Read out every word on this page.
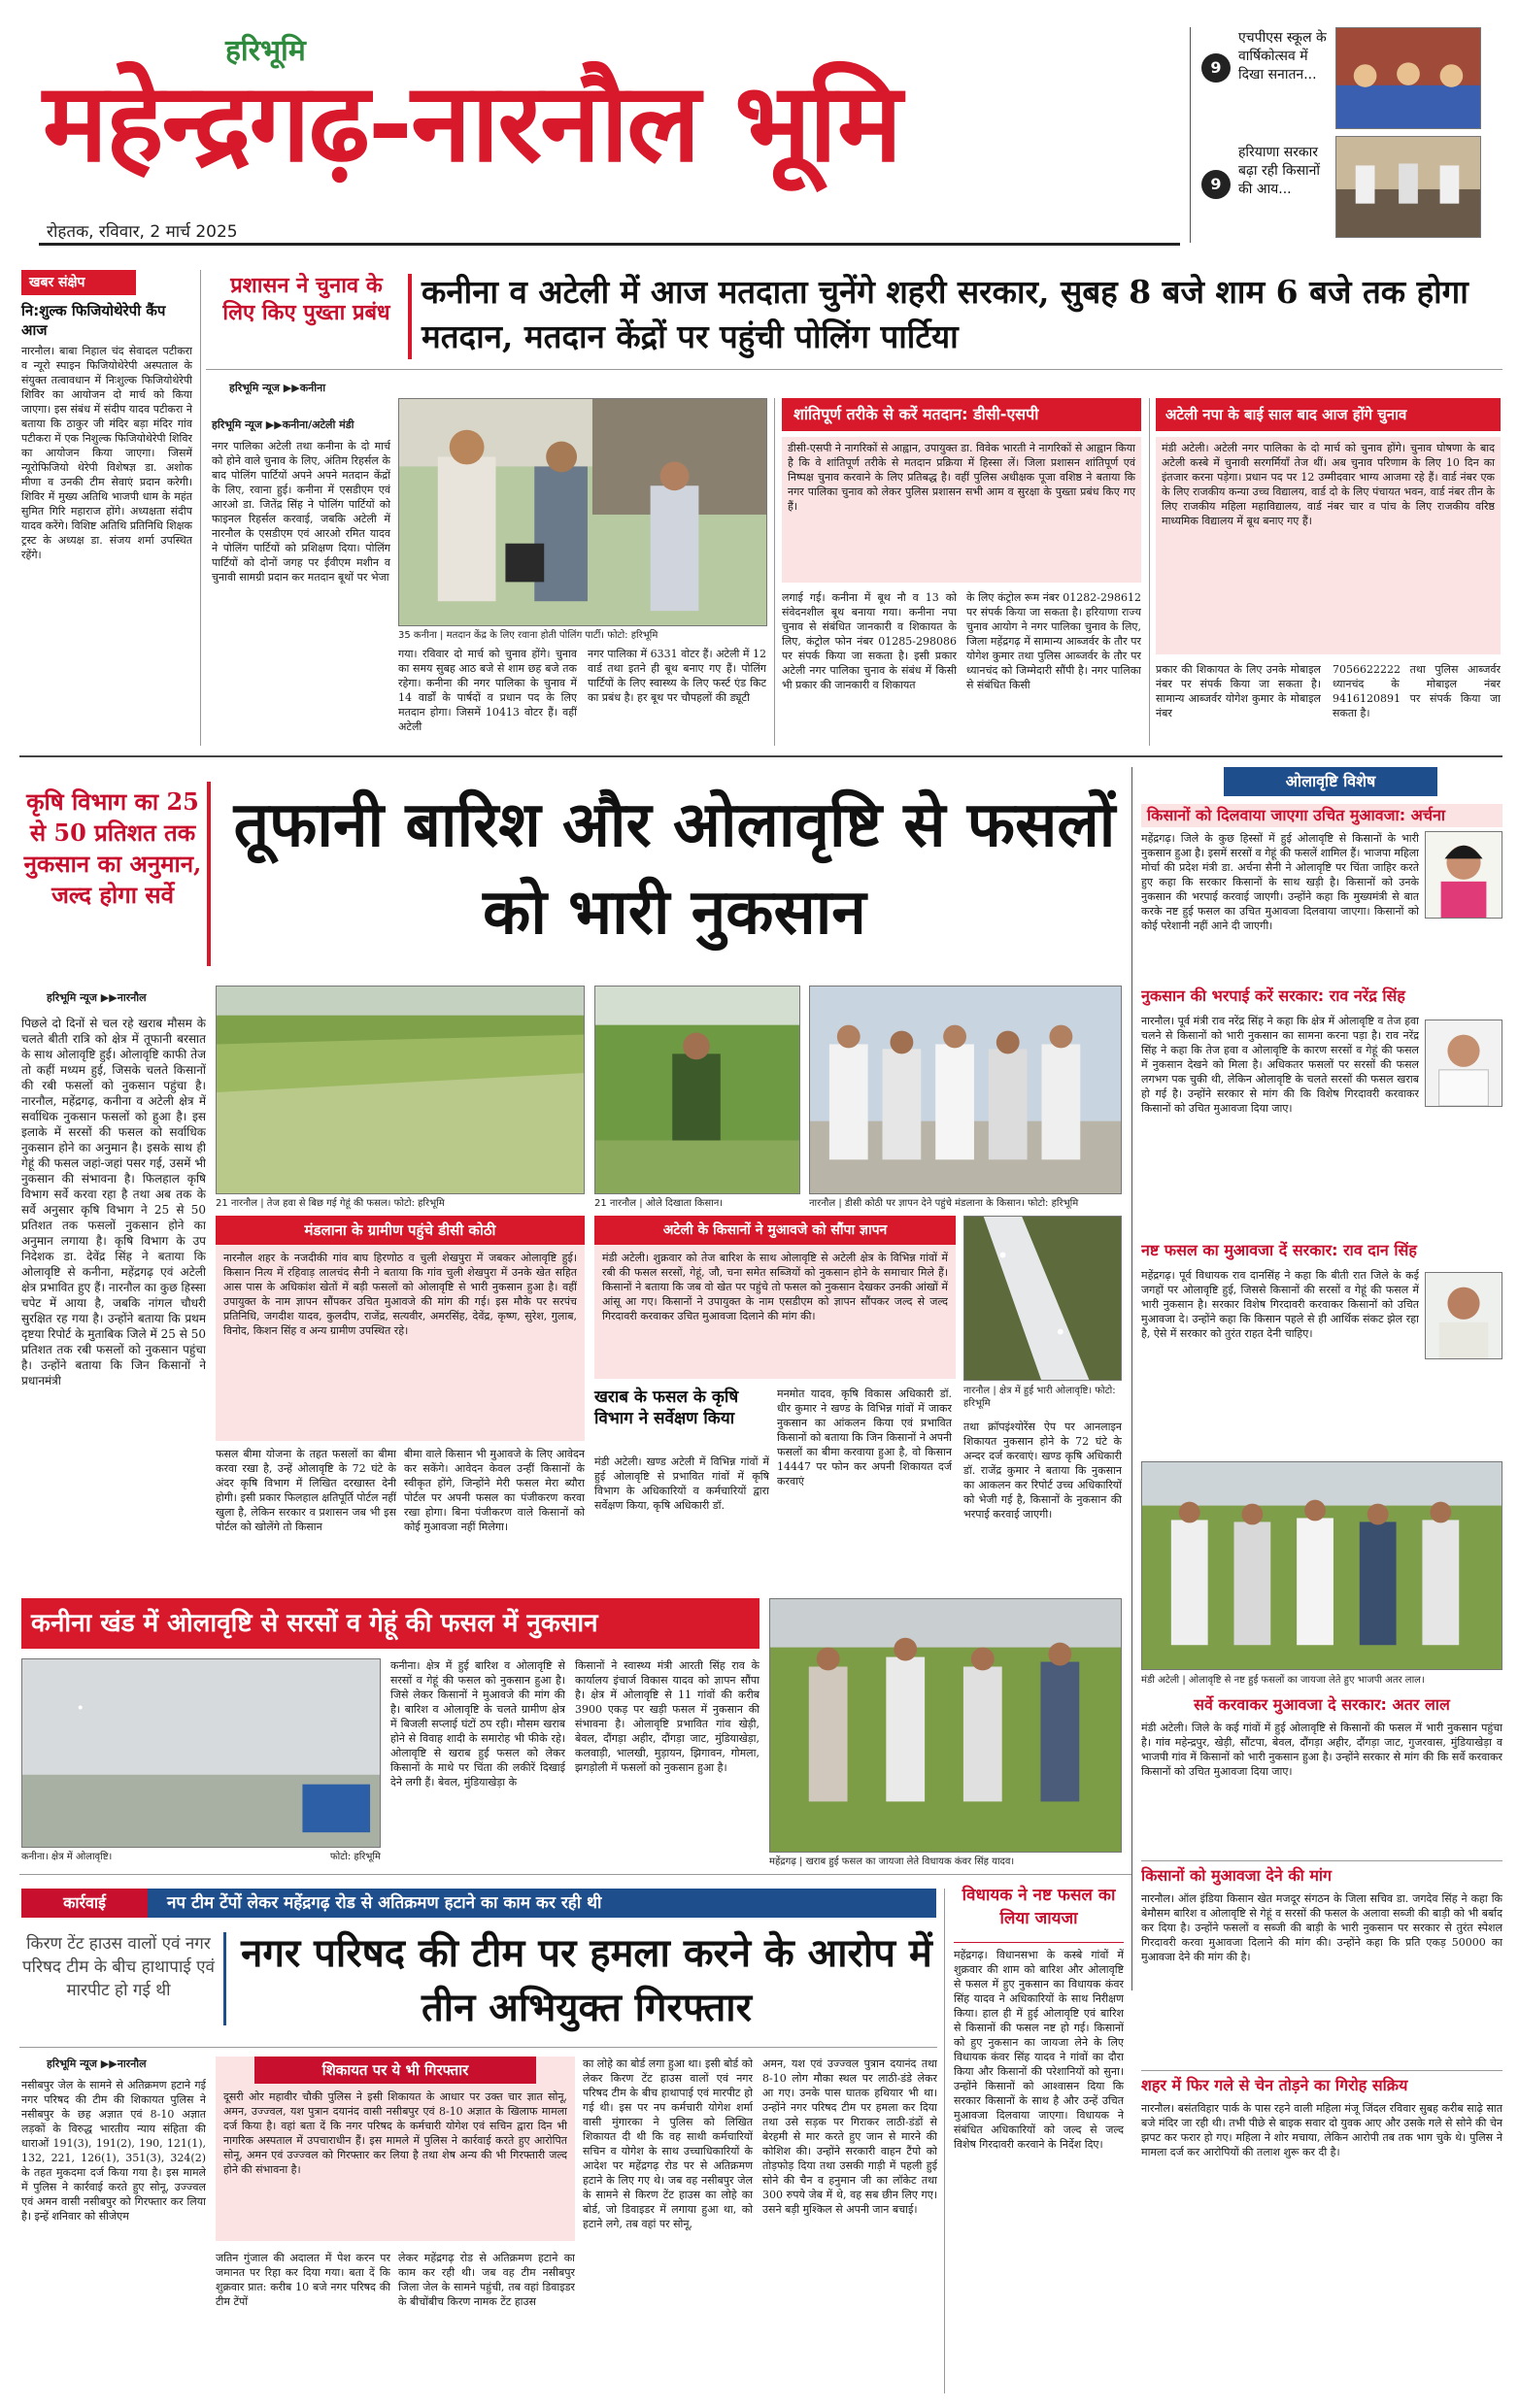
हरिभूमि
महेन्द्रगढ़-नारनौल भूमि
रोहतक, रविवार, 2 मार्च 2025
9
एचपीएस स्कूल के वार्षिकोत्सव में दिखा सनातन...
9
हरियाणा सरकार बढ़ा रही किसानों की आय...
खबर संक्षेप
नि:शुल्क फिजियोथेरेपी कैंप आज
नारनौल। बाबा निहाल चंद सेवादल पटीकरा व न्यूरो स्पाइन फिजियोथेरेपी अस्पताल के संयुक्त तत्वावधान में निःशुल्क फिजियोथेरेपी शिविर का आयोजन दो मार्च को किया जाएगा। इस संबंध में संदीप यादव पटीकरा ने बताया कि ठाकुर जी मंदिर बड़ा मंदिर गांव पटीकरा में एक निशुल्क फिजियोथेरेपी शिविर का आयोजन किया जाएगा। जिसमें न्यूरोफिजियो थेरेपी विशेषज्ञ डा. अशोक मीणा व उनकी टीम सेवाएं प्रदान करेगी। शिविर में मुख्य अतिथि भाजपी धाम के महंत सुमित गिरि महाराज होंगे। अध्यक्षता संदीप यादव करेंगे। विशिष्ट अतिथि प्रतिनिधि शिक्षक ट्रस्ट के अध्यक्ष डा. संजय शर्मा उपस्थित रहेंगे।
प्रशासन ने चुनाव के लिए किए पुख्ता प्रबंध
कनीना व अटेली में आज मतदाता चुनेंगे शहरी सरकार, सुबह 8 बजे शाम 6 बजे तक होगा मतदान, मतदान केंद्रों पर पहुंची पोलिंग पार्टिया
हरिभूमि न्यूज ▶▶कनीना
हरिभूमि न्यूज ▶▶कनीना/अटेली मंडी
नगर पालिका अटेली तथा कनीना के दो मार्च को होने वाले चुनाव के लिए, अंतिम रिहर्सल के बाद पोलिंग पार्टियों अपने अपने मतदान केंद्रों के लिए, रवाना हुई। कनीना में एसडीएम एवं आरओ डा. जितेंद्र सिंह ने पोलिंग पार्टियों को फाइनल रिहर्सल करवाई, जबकि अटेली में नारनौल के एसडीएम एवं आरओ रमित यादव ने पोलिंग पार्टियों को प्रशिक्षण दिया। पोलिंग पार्टियों को दोनों जगह पर ईवीएम मशीन व चुनावी सामग्री प्रदान कर मतदान बूथों पर भेजा
35 कनीना | मतदान केंद्र के लिए रवाना होती पोलिंग पार्टी। फोटो: हरिभूमि
गया। रविवार दो मार्च को चुनाव होंगे। चुनाव का समय सुबह आठ बजे से शाम छह बजे तक रहेगा। कनीना की नगर पालिका के चुनाव में 14 वार्डों के पार्षदों व प्रधान पद के लिए मतदान होगा। जिसमें 10413 वोटर हैं। वहीं अटेली
नगर पालिका में 6331 वोटर हैं। अटेली में 12 वार्ड तथा इतने ही बूथ बनाए गए हैं। पोलिंग पार्टियों के लिए स्वास्थ्य के लिए फर्स्ट एंड किट का प्रबंध है। हर बूथ पर चौपहलों की ड्यूटी
शांतिपूर्ण तरीके से करें मतदान: डीसी-एसपी
डीसी-एसपी ने नागरिकों से आह्वान, उपायुक्त डा. विवेक भारती ने नागरिकों से आह्वान किया है कि वे शांतिपूर्ण तरीके से मतदान प्रक्रिया में हिस्सा लें। जिला प्रशासन शांतिपूर्ण एवं निष्पक्ष चुनाव करवाने के लिए प्रतिबद्ध है। वहीं पुलिस अधीक्षक पूजा वशिष्ठ ने बताया कि नगर पालिका चुनाव को लेकर पुलिस प्रशासन सभी आम व सुरक्षा के पुख्ता प्रबंध किए गए हैं।
लगाई गई। कनीना में बूथ नौ व 13 को संवेदनशील बूथ बनाया गया। कनीना नपा चुनाव से संबंधित जानकारी व शिकायत के लिए, कंट्रोल फोन नंबर 01285-298086 पर संपर्क किया जा सकता है। इसी प्रकार अटेली नगर पालिका चुनाव के संबंध में किसी भी प्रकार की जानकारी व शिकायत
के लिए कंट्रोल रूम नंबर 01282-298612 पर संपर्क किया जा सकता है। हरियाणा राज्य चुनाव आयोग ने नगर पालिका चुनाव के लिए, जिला महेंद्रगढ़ में सामान्य आब्जर्वर के तौर पर योगेश कुमार तथा पुलिस आब्जर्वर के तौर पर ध्यानचंद को जिम्मेदारी सौंपी है। नगर पालिका से संबंधित किसी
अटेली नपा के बाई साल बाद आज होंगे चुनाव
मंडी अटेली। अटेली नगर पालिका के दो मार्च को चुनाव होंगे। चुनाव घोषणा के बाद अटेली कस्बे में चुनावी सरगर्मियाँ तेज थीं। अब चुनाव परिणाम के लिए 10 दिन का इंतजार करना पड़ेगा। प्रधान पद पर 12 उम्मीदवार भाग्य आजमा रहे हैं। वार्ड नंबर एक के लिए राजकीय कन्या उच्च विद्यालय, वार्ड दो के लिए पंचायत भवन, वार्ड नंबर तीन के लिए राजकीय महिला महाविद्यालय, वार्ड नंबर चार व पांच के लिए राजकीय वरिष्ठ माध्यमिक विद्यालय में बूथ बनाए गए हैं।
प्रकार की शिकायत के लिए उनके मोबाइल नंबर पर संपर्क किया जा सकता है। सामान्य आब्जर्वर योगेश कुमार के मोबाइल नंबर
7056622222 तथा पुलिस आब्जर्वर ध्यानचंद के मोबाइल नंबर 9416120891 पर संपर्क किया जा सकता है।
कृषि विभाग का 25 से 50 प्रतिशत तक नुकसान का अनुमान, जल्द होगा सर्वे
तूफानी बारिश और ओलावृष्टि से फसलों को भारी नुकसान
हरिभूमि न्यूज ▶▶नारनौल
पिछले दो दिनों से चल रहे खराब मौसम के चलते बीती रात्रि को क्षेत्र में तूफानी बरसात के साथ ओलावृष्टि हुई। ओलावृष्टि काफी तेज तो कहीं मध्यम हुई, जिसके चलते किसानों की रबी फसलों को नुकसान पहुंचा है। नारनौल, महेंद्रगढ़, कनीना व अटेली क्षेत्र में सर्वाधिक नुकसान फसलों को हुआ है। इस इलाके में सरसों की फसल को सर्वाधिक नुकसान होने का अनुमान है। इसके साथ ही गेहूं की फसल जहां-जहां पसर गई, उसमें भी नुकसान की संभावना है। फिलहाल कृषि विभाग सर्वे करवा रहा है तथा अब तक के सर्वे अनुसार कृषि विभाग ने 25 से 50 प्रतिशत तक फसलों नुकसान होने का अनुमान लगाया है। कृषि विभाग के उप निदेशक डा. देवेंद्र सिंह ने बताया कि ओलावृष्टि से कनीना, महेंद्रगढ़ एवं अटेली क्षेत्र प्रभावित हुए हैं। नारनौल का कुछ हिस्सा चपेट में आया है, जबकि नांगल चौधरी सुरक्षित रह गया है। उन्होंने बताया कि प्रथम दृष्टया रिपोर्ट के मुताबिक जिले में 25 से 50 प्रतिशत तक रबी फसलों को नुकसान पहुंचा है। उन्होंने बताया कि जिन किसानों ने प्रधानमंत्री
21 नारनौल | तेज हवा से बिछ गई गेहूं की फसल। फोटो: हरिभूमि	21 नारनौल | ओले दिखाता किसान।	नारनौल | डीसी कोठी पर ज्ञापन देने पहुंचे मंडलाना के किसान। फोटो: हरिभूमि
मंडलाना के ग्रामीण पहुंचे डीसी कोठी
नारनौल शहर के नजदीकी गांव बाघ हिरणोठ व चुली शेखपुरा में जबकर ओलावृष्टि हुई। किसान नित्य में रहिवाड़ लालचंद सैनी ने बताया कि गांव चुली शेखपुरा में उनके खेत सहित आस पास के अधिकांश खेतों में बड़ी फसलों को ओलावृष्टि से भारी नुकसान हुआ है। वहीं उपायुक्त के नाम ज्ञापन सौंपकर उचित मुआवजे की मांग की गई। इस मौके पर सरपंच प्रतिनिधि, जगदीश यादव, कुलदीप, राजेंद्र, सत्यवीर, अमरसिंह, देवेंद्र, कृष्ण, सुरेश, गुलाब, विनोद, किशन सिंह व अन्य ग्रामीण उपस्थित रहे।
अटेली के किसानों ने मुआवजे को सौंपा ज्ञापन
मंडी अटेली। शुक्रवार को तेज बारिश के साथ ओलावृष्टि से अटेली क्षेत्र के विभिन्न गांवों में रबी की फसल सरसों, गेहूं, जौ, चना समेत सब्जियों को नुकसान होने के समाचार मिले हैं। किसानों ने बताया कि जब वो खेत पर पहुंचे तो फसल को नुकसान देखकर उनकी आंखों में आंसू आ गए। किसानों ने उपायुक्त के नाम एसडीएम को ज्ञापन सौंपकर जल्द से जल्द गिरदावरी करवाकर उचित मुआवजा दिलाने की मांग की।
नारनौल | क्षेत्र में हुई भारी ओलावृष्टि। फोटो: हरिभूमि
फसल बीमा योजना के तहत फसलों का बीमा करवा रखा है, उन्हें ओलावृष्टि के 72 घंटे के अंदर कृषि विभाग में लिखित दरखास्त देनी होगी। इसी प्रकार फिलहाल क्षतिपूर्ति पोर्टल नहीं खुला है, लेकिन सरकार व प्रशासन जब भी इस पोर्टल को खोलेंगे तो किसान
बीमा वाले किसान भी मुआवजे के लिए आवेदन कर सकेंगे। आवेदन केवल उन्हीं किसानों के स्वीकृत होंगे, जिन्होंने मेरी फसल मेरा ब्यौरा पोर्टल पर अपनी फसल का पंजीकरण करवा रखा होगा। बिना पंजीकरण वाले किसानों को कोई मुआवजा नहीं मिलेगा।
खराब के फसल के कृषि विभाग ने सर्वेक्षण किया
मंडी अटेली। खण्ड अटेली में विभिन्न गांवों में हुई ओलावृष्टि से प्रभावित गांवों में कृषि विभाग के अधिकारियों व कर्मचारियों द्वारा सर्वेक्षण किया, कृषि अधिकारी डॉ.
मनमोत यादव, कृषि विकास अधिकारी डॉ. धीर कुमार ने खण्ड के विभिन्न गांवों में जाकर नुकसान का आंकलन किया एवं प्रभावित किसानों को बताया कि जिन किसानों ने अपनी फसलों का बीमा करवाया हुआ है, वो किसान 14447 पर फोन कर अपनी शिकायत दर्ज करवाएं
तथा क्रॉपइंश्योरेंस ऐप पर आनलाइन शिकायत नुकसान होने के 72 घंटे के अन्दर दर्ज करवाएं। खण्ड कृषि अधिकारी डॉ. राजेंद्र कुमार ने बताया कि नुकसान का आकलन कर रिपोर्ट उच्च अधिकारियों को भेजी गई है, किसानों के नुकसान की भरपाई करवाई जाएगी।
कनीना खंड में ओलावृष्टि से सरसों व गेहूं की फसल में नुकसान
कनीना। क्षेत्र में ओलावृष्टि।	फोटो: हरिभूमि
कनीना। क्षेत्र में हुई बारिश व ओलावृष्टि से सरसों व गेहूं की फसल को नुकसान हुआ है। जिसे लेकर किसानों ने मुआवजे की मांग की है। बारिश व ओलावृष्टि के चलते ग्रामीण क्षेत्र में बिजली सप्लाई घंटों ठप रही। मौसम खराब होने से विवाह शादी के समारोह भी फीके रहे। ओलावृष्टि से खराब हुई फसल को लेकर किसानों के माथे पर चिंता की लकीरें दिखाई देने लगी हैं। बेवल, मुंडियाखेड़ा के
किसानों ने स्वास्थ्य मंत्री आरती सिंह राव के कार्यालय इंचार्ज विकास यादव को ज्ञापन सौंपा है। क्षेत्र में ओलावृष्टि से 11 गांवों की करीब 3900 एकड़ पर खड़ी फसल में नुकसान की संभावना है। ओलावृष्टि प्रभावित गांव खेड़ी, बेवल, दौंगड़ा अहीर, दौंगड़ा जाट, मुंडियाखेड़ा, कलवाड़ी, भालखी, मुड़ायन, झिगावन, गोमला, झगड़ोली में फसलों को नुकसान हुआ है।
महेंद्रगढ़ | खराब हुई फसल का जायजा लेते विधायक कंवर सिंह यादव।
कार्रवाई	नप टीम टेंपों लेकर महेंद्रगढ़ रोड से अतिक्रमण हटाने का काम कर रही थी
किरण टेंट हाउस वालों एवं नगर परिषद टीम के बीच हाथापाई एवं मारपीट हो गई थी
नगर परिषद की टीम पर हमला करने के आरोप में तीन अभियुक्त गिरफ्तार
हरिभूमि न्यूज ▶▶नारनौल
नसीबपुर जेल के सामने से अतिक्रमण हटाने गई नगर परिषद की टीम की शिकायत पुलिस ने नसीबपुर के छह अज्ञात एवं 8-10 अज्ञात लड़कों के विरुद्ध भारतीय न्याय संहिता की धाराओं 191(3), 191(2), 190, 121(1), 132, 221, 126(1), 351(3), 324(2) के तहत मुकदमा दर्ज किया गया है। इस मामले में पुलिस ने कार्रवाई करते हुए सोनू, उज्ज्वल एवं अमन वासी नसीबपुर को गिरफ्तार कर लिया है। इन्हें शनिवार को सीजेएम
शिकायत पर ये भी गिरफ्तार
दूसरी ओर महावीर चौकी पुलिस ने इसी शिकायत के आधार पर उक्त चार ज्ञात सोनू, अमन, उज्ज्वल, यश पुत्रान दयानंद वासी नसीबपुर एवं 8-10 अज्ञात के खिलाफ मामला दर्ज किया है। वहां बता दें कि नगर परिषद के कर्मचारी योगेश एवं सचिन द्वारा दिन भी नागरिक अस्पताल में उपचाराधीन हैं। इस मामले में पुलिस ने कार्रवाई करते हुए आरोपित सोनू, अमन एवं उज्ज्वल को गिरफ्तार कर लिया है तथा शेष अन्य की भी गिरफ्तारी जल्द होने की संभावना है।
जतिन गुंजाल की अदालत में पेश करन पर जमानत पर रिहा कर दिया गया। बता दें कि शुक्रवार प्रात: करीब 10 बजे नगर परिषद की टीम टेंपों
लेकर महेंद्रगढ़ रोड से अतिक्रमण हटाने का काम कर रही थी। जब वह टीम नसीबपुर जिला जेल के सामने पहुंची, तब वहां डिवाइडर के बीचोंबीच किरण नामक टेंट हाउस
का लोहे का बोर्ड लगा हुआ था। इसी बोर्ड को लेकर किरण टेंट हाउस वालों एवं नगर परिषद टीम के बीच हाथापाई एवं मारपीट हो गई थी। इस पर नप कर्मचारी योगेश शर्मा वासी मुंगारका ने पुलिस को लिखित शिकायत दी थी कि वह साथी कर्मचारियों सचिन व योगेश के साथ उच्चाधिकारियों के आदेश पर महेंद्रगढ़ रोड पर से अतिक्रमण हटाने के लिए गए थे। जब वह नसीबपुर जेल के सामने से किरण टेंट हाउस का लोहे का बोर्ड, जो डिवाइडर में लगाया हुआ था, को हटाने लगे, तब वहां पर सोनू,
अमन, यश एवं उज्ज्वल पुत्रान दयानंद तथा 8-10 लोग मौका स्थल पर लाठी-डंडे लेकर आ गए। उनके पास घातक हथियार भी था। उन्होंने नगर परिषद टीम पर हमला कर दिया तथा उसे सड़क पर गिराकर लाठी-डंडों से बेरहमी से मार करते हुए जान से मारने की कोशिश की। उन्होंने सरकारी वाहन टैंपो को तोड़फोड़ दिया तथा उसकी गाड़ी में पहली हुई सोने की चैन व हनुमान जी का लॉकेट तथा 300 रुपये जेब में थे, वह सब छीन लिए गए। उसने बड़ी मुश्किल से अपनी जान बचाई।
विधायक ने नष्ट फसल का लिया जायजा
महेंद्रगढ़। विधानसभा के कस्बे गांवों में शुक्रवार की शाम को बारिश और ओलावृष्टि से फसल में हुए नुकसान का विधायक कंवर सिंह यादव ने अधिकारियों के साथ निरीक्षण किया। हाल ही में हुई ओलावृष्टि एवं बारिश से किसानों की फसल नष्ट हो गई। किसानों को हुए नुकसान का जायजा लेने के लिए विधायक कंवर सिंह यादव ने गांवों का दौरा किया और किसानों की परेशानियों को सुना। उन्होंने किसानों को आश्वासन दिया कि सरकार किसानों के साथ है और उन्हें उचित मुआवजा दिलवाया जाएगा। विधायक ने संबंधित अधिकारियों को जल्द से जल्द विशेष गिरदावरी करवाने के निर्देश दिए।
ओलावृष्टि विशेष
किसानों को दिलवाया जाएगा उचित मुआवजा: अर्चना
महेंद्रगढ़। जिले के कुछ हिस्सों में हुई ओलावृष्टि से किसानों के भारी नुकसान हुआ है। इसमें सरसों व गेहूं की फसलें शामिल हैं। भाजपा महिला मोर्चा की प्रदेश मंत्री डा. अर्चना सैनी ने ओलावृष्टि पर चिंता जाहिर करते हुए कहा कि सरकार किसानों के साथ खड़ी है। किसानों को उनके नुकसान की भरपाई करवाई जाएगी। उन्होंने कहा कि मुख्यमंत्री से बात करके नष्ट हुई फसल का उचित मुआवजा दिलवाया जाएगा। किसानों को कोई परेशानी नहीं आने दी जाएगी।
नुकसान की भरपाई करें सरकार: राव नरेंद्र सिंह
नारनौल। पूर्व मंत्री राव नरेंद्र सिंह ने कहा कि क्षेत्र में ओलावृष्टि व तेज हवा चलने से किसानों को भारी नुकसान का सामना करना पड़ा है। राव नरेंद्र सिंह ने कहा कि तेज हवा व ओलावृष्टि के कारण सरसों व गेहूं की फसल में नुकसान देखने को मिला है। अधिकतर फसलों पर सरसों की फसल लगभग पक चुकी थी, लेकिन ओलावृष्टि के चलते सरसों की फसल खराब हो गई है। उन्होंने सरकार से मांग की कि विशेष गिरदावरी करवाकर किसानों को उचित मुआवजा दिया जाए।
नष्ट फसल का मुआवजा दें सरकार: राव दान सिंह
महेंद्रगढ़। पूर्व विधायक राव दानसिंह ने कहा कि बीती रात जिले के कई जगहों पर ओलावृष्टि हुई, जिससे किसानों की सरसों व गेहूं की फसल में भारी नुकसान है। सरकार विशेष गिरदावरी करवाकर किसानों को उचित मुआवजा दे। उन्होंने कहा कि किसान पहले से ही आर्थिक संकट झेल रहा है, ऐसे में सरकार को तुरंत राहत देनी चाहिए।
मंडी अटेली | ओलावृष्टि से नष्ट हुई फसलों का जायजा लेते हुए भाजपी अतर लाल।
सर्वे करवाकर मुआवजा दे सरकार: अतर लाल
मंडी अटेली। जिले के कई गांवों में हुई ओलावृष्टि से किसानों की फसल में भारी नुकसान पहुंचा है। गांव महेन्द्रपुर, खेड़ी, सौंटपा, बेवल, दौंगड़ा अहीर, दौंगड़ा जाट, गुजरवास, मुंडियाखेड़ा व भाजपी गांव में किसानों को भारी नुकसान हुआ है। उन्होंने सरकार से मांग की कि सर्वे करवाकर किसानों को उचित मुआवजा दिया जाए।
किसानों को मुआवजा देने की मांग
नारनौल। ऑल इंडिया किसान खेत मजदूर संगठन के जिला सचिव डा. जगदेव सिंह ने कहा कि बेमौसम बारिश व ओलावृष्टि से गेहूं व सरसों की फसल के अलावा सब्जी की बाड़ी को भी बर्बाद कर दिया है। उन्होंने फसलों व सब्जी की बाड़ी के भारी नुकसान पर सरकार से तुरंत स्पेशल गिरदावरी करवा मुआवजा दिलाने की मांग की। उन्होंने कहा कि प्रति एकड़ 50000 का मुआवजा देने की मांग की है।
शहर में फिर गले से चेन तोड़ने का गिरोह सक्रिय
नारनौल। बसंतविहार पार्क के पास रहने वाली महिला मंजू जिंदल रविवार सुबह करीब साढ़े सात बजे मंदिर जा रही थी। तभी पीछे से बाइक सवार दो युवक आए और उसके गले से सोने की चेन झपट कर फरार हो गए। महिला ने शोर मचाया, लेकिन आरोपी तब तक भाग चुके थे। पुलिस ने मामला दर्ज कर आरोपियों की तलाश शुरू कर दी है।
